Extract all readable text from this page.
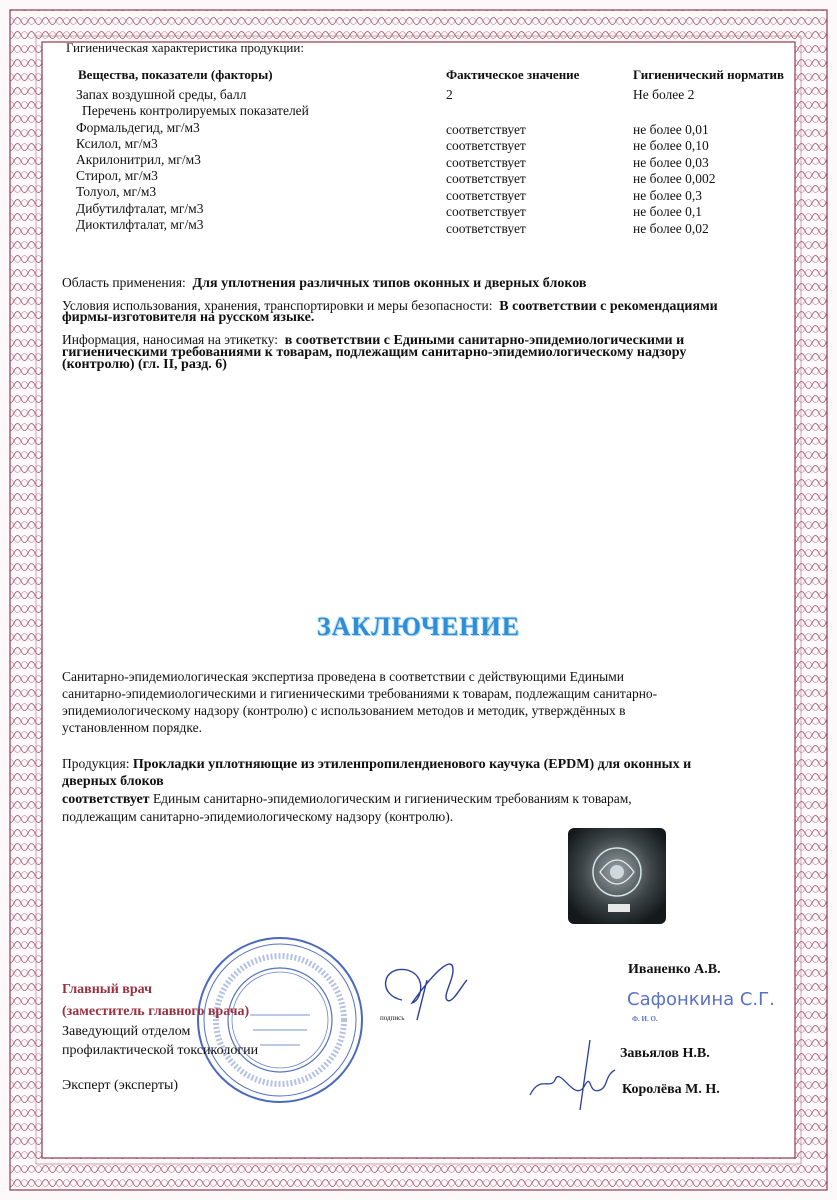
Гигиеническая характеристика продукции:
Вещества, показатели (факторы)	Фактическое значение	Гигиенический норматив
Запах воздушной среды, балл	2	Не более 2
Перечень контролируемых показателей
Формальдегид, мг/м3	соответствует	не более 0,01
Ксилол, мг/м3	соответствует	не более 0,10
Акрилонитрил, мг/м3	соответствует	не более 0,03
Стирол, мг/м3	соответствует	не более 0,002
Толуол, мг/м3	соответствует	не более 0,3
Дибутилфталат, мг/м3	соответствует	не более 0,1
Диоктилфталат, мг/м3	соответствует	не более 0,02
Область применения: Для уплотнения различных типов оконных и дверных блоков
Условия использования, хранения, транспортировки и меры безопасности: В соответствии с рекомендациями
фирмы-изготовителя на русском языке.
Информация, наносимая на этикетку: в соответствии с Едиными санитарно-эпидемиологическими и
гигиеническими требованиями к товарам, подлежащим санитарно-эпидемиологическому надзору
(контролю) (гл. II, разд. 6)
ЗАКЛЮЧЕНИЕ
Санитарно-эпидемиологическая экспертиза проведена в соответствии с действующими Едиными
санитарно-эпидемиологическими и гигиеническими требованиями к товарам, подлежащим санитарно-
эпидемиологическому надзору (контролю) с использованием методов и методик, утверждённых в
установленном порядке.
Продукция: Прокладки уплотняющие из этиленпропилендиенового каучука (EPDM) для оконных и
дверных блоков
соответствует Единым санитарно-эпидемиологическим и гигиеническим требованиям к товарам,
подлежащим санитарно-эпидемиологическому надзору (контролю).
Главный врач
(заместитель главного врача)
Заведующий отделом
профилактической токсикологии
Эксперт (эксперты)
подпись
Иваненко А.В.
Сафонкина С.Г.
Ф. И. О.
Завьялов Н.В.
Королёва М. Н.
